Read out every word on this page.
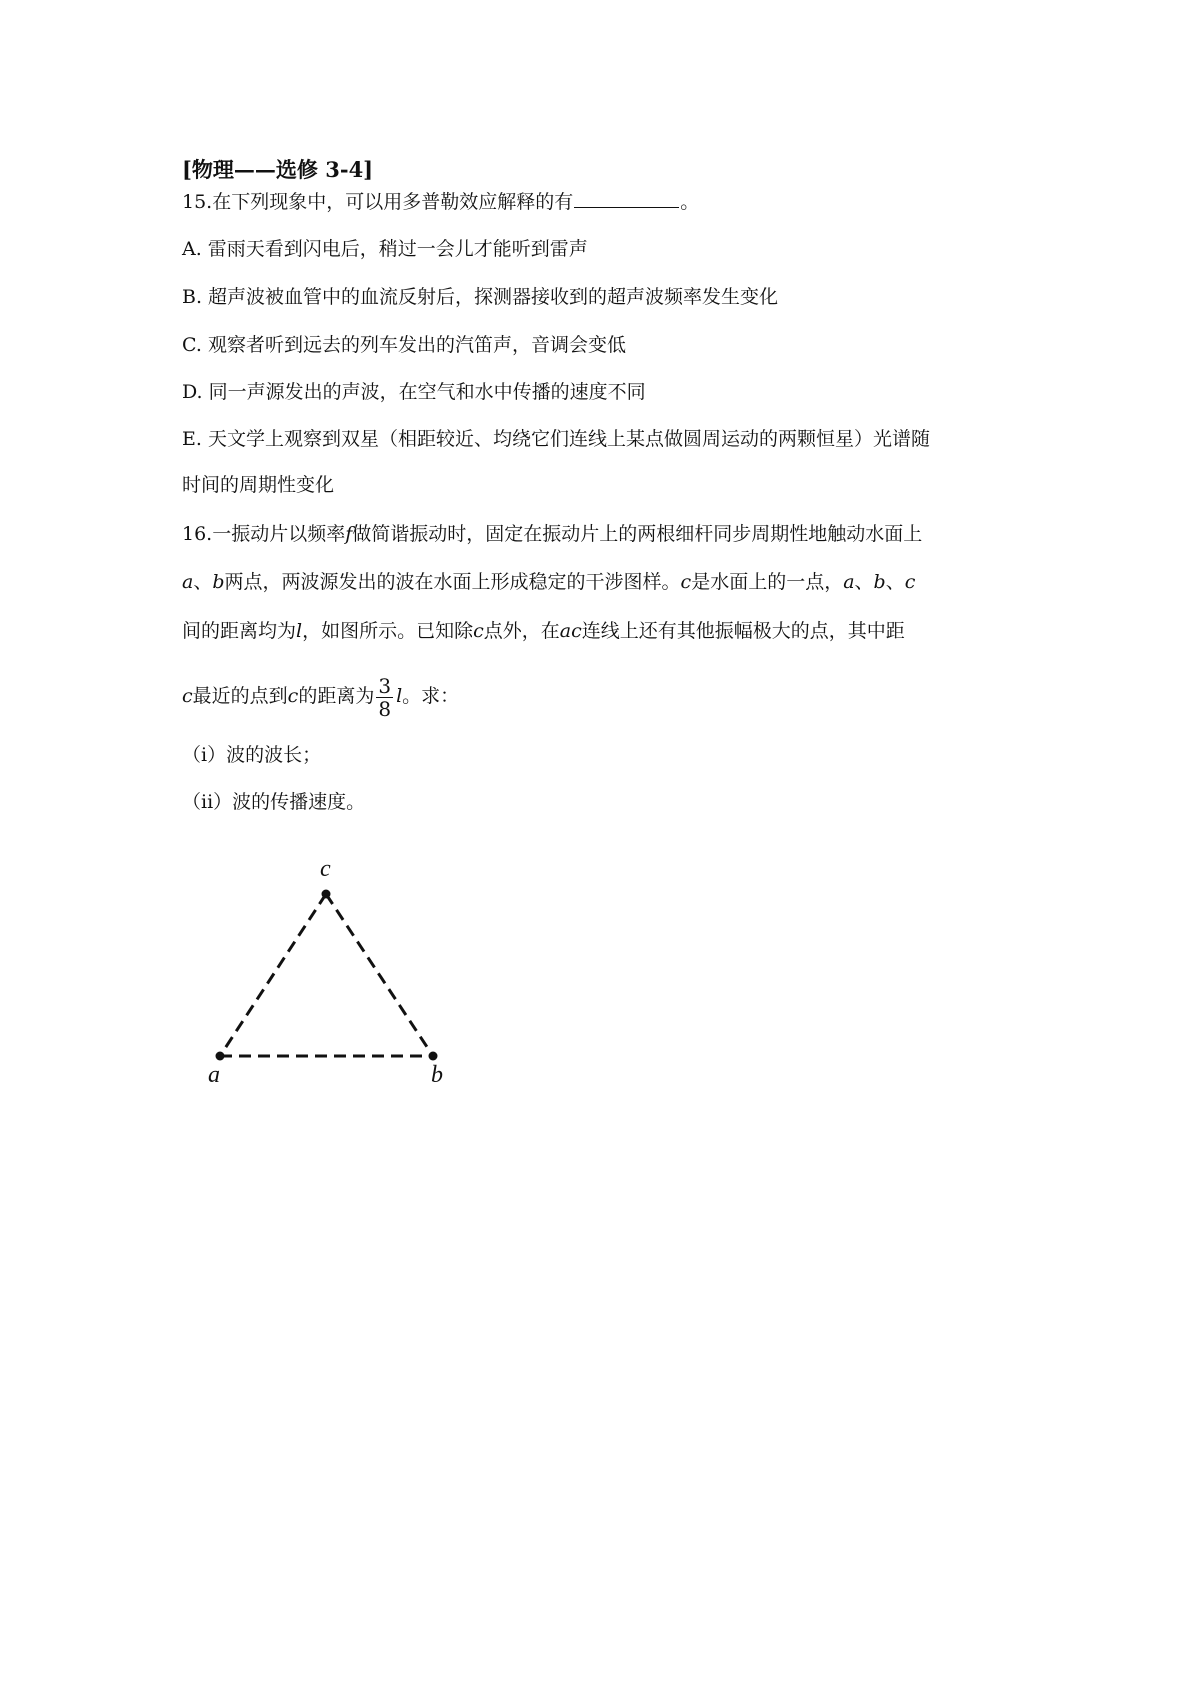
[物理——选修 3-4]
15.在下列现象中，可以用多普勒效应解释的有	。
A. 雷雨天看到闪电后，稍过一会儿才能听到雷声
B. 超声波被血管中的血流反射后，探测器接收到的超声波频率发生变化
C. 观察者听到远去的列车发出的汽笛声，音调会变低
D. 同一声源发出的声波，在空气和水中传播的速度不同
E. 天文学上观察到双星（相距较近、均绕它们连线上某点做圆周运动的两颗恒星）光谱随
时间的周期性变化
16.一振动片以频率f做简谐振动时，固定在振动片上的两根细杆同步周期性地触动水面上
a、b两点，两波源发出的波在水面上形成稳定的干涉图样。c是水面上的一点，a、b、c
间的距离均为l，如图所示。已知除c点外，在ac连线上还有其他振幅极大的点，其中距
c最近的点到c的距离为 $\frac{3}{8}$ l。求：
（i）波的波长；
（ii）波的传播速度。
c
a	b
